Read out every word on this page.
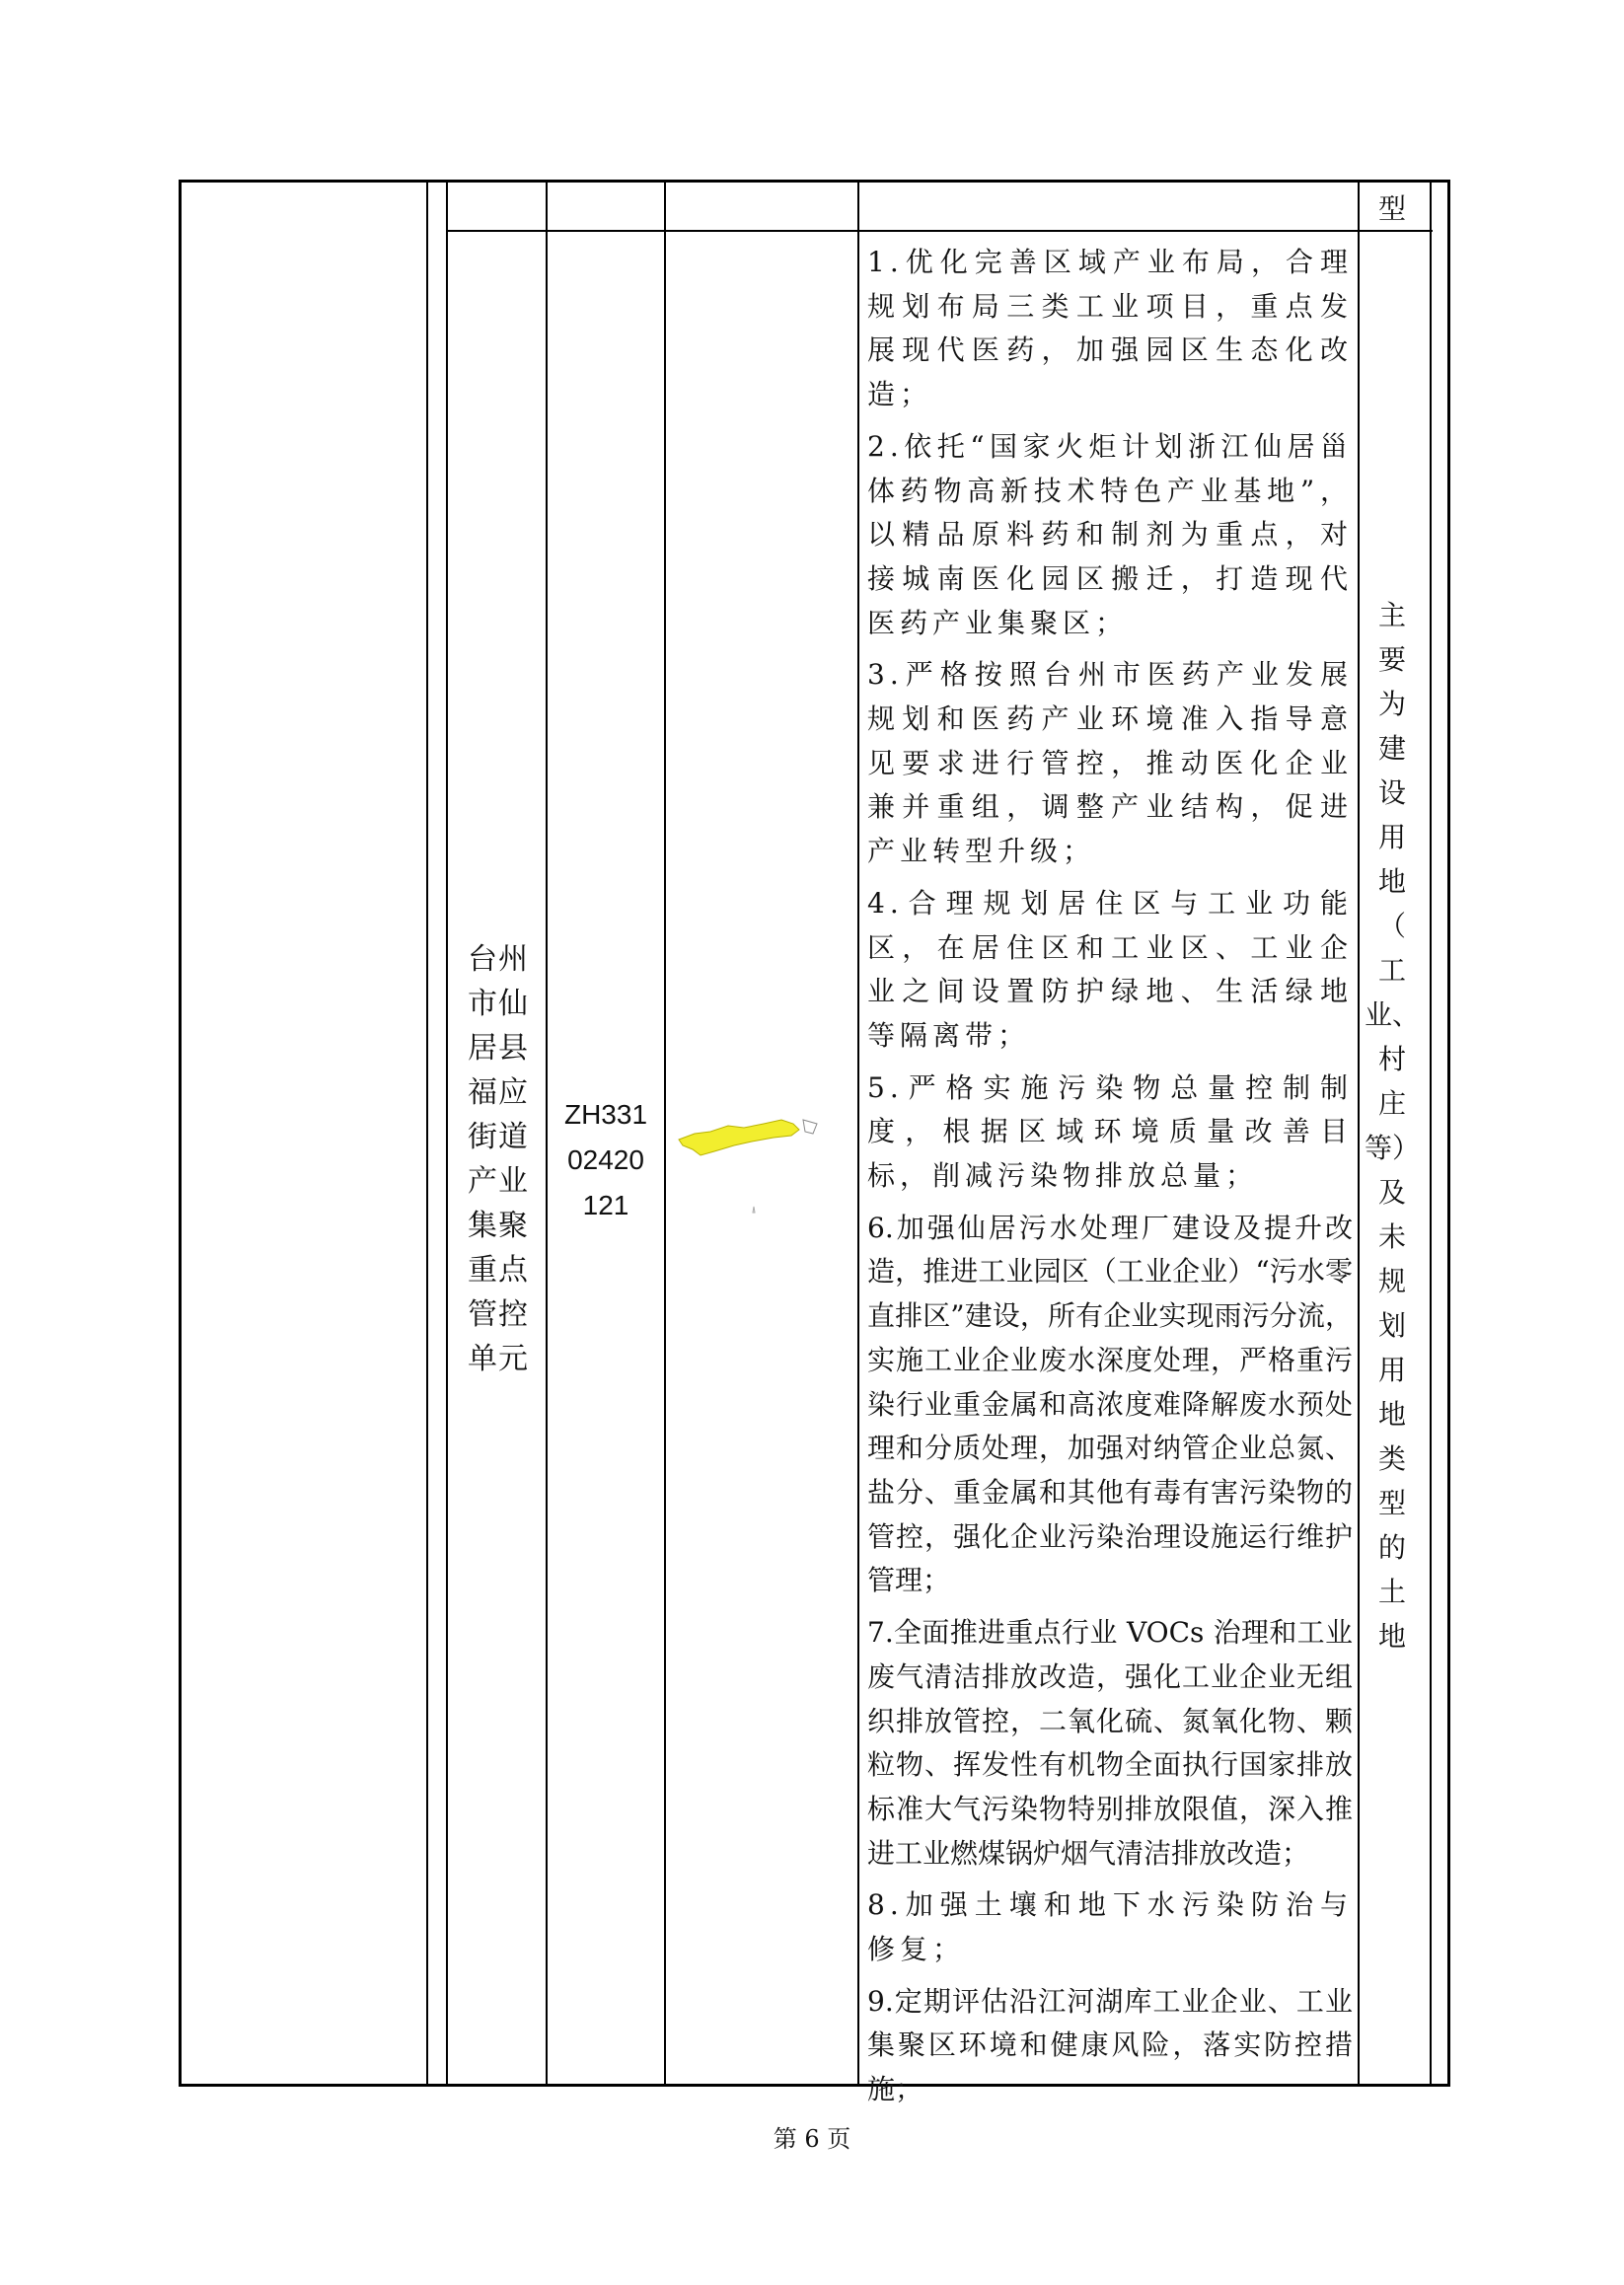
型
台州
市仙
居县
福应
街道
产业
集聚
重点
管控
单元
ZH331
02420
121

1.优化完善区域产业布局，合理规划布局三类工业项目，重点发展现代医药，加强园区生态化改造；

2.依托“国家火炬计划浙江仙居甾体药物高新技术特色产业基地”，以精品原料药和制剂为重点，对接城南医化园区搬迁，打造现代医药产业集聚区；

3.严格按照台州市医药产业发展规划和医药产业环境准入指导意见要求进行管控，推动医化企业兼并重组，调整产业结构，促进产业转型升级；

4.合理规划居住区与工业功能区，在居住区和工业区、工业企业之间设置防护绿地、生活绿地等隔离带；

5.严格实施污染物总量控制制度，根据区域环境质量改善目标，削减污染物排放总量；

6.加强仙居污水处理厂建设及提升改造，推进工业园区（工业企业）“污水零直排区”建设，所有企业实现雨污分流，实施工业企业废水深度处理，严格重污染行业重金属和高浓度难降解废水预处理和分质处理，加强对纳管企业总氮、盐分、重金属和其他有毒有害污染物的管控，强化企业污染治理设施运行维护管理；

7.全面推进重点行业 VOCs 治理和工业废气清洁排放改造，强化工业企业无组织排放管控，二氧化硫、氮氧化物、颗粒物、挥发性有机物全面执行国家排放标准大气污染物特别排放限值，深入推进工业燃煤锅炉烟气清洁排放改造；

8.加强土壤和地下水污染防治与修复；

9.定期评估沿江河湖库工业企业、工业集聚区环境和健康风险，落实防控措施；

主
要
为
建
设
用
地
（
工
业、
村
庄
等）
及
未
规
划
用
地
类
型
的
土
地
第 6 页
